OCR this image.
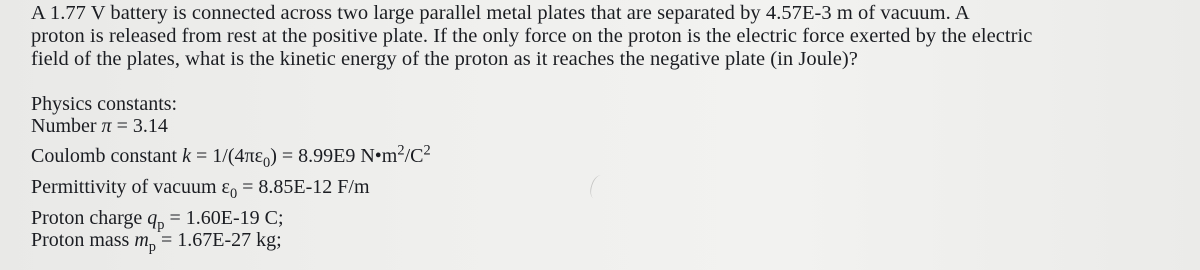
A 1.77 V battery is connected across two large parallel metal plates that are separated by 4.57E-3 m of vacuum. A
proton is released from rest at the positive plate. If the only force on the proton is the electric force exerted by the electric
field of the plates, what is the kinetic energy of the proton as it reaches the negative plate (in Joule)?
Physics constants:
Number π = 3.14
Coulomb constant $k = 1/(4\pi\varepsilon_0) = 8.99E9$ $N•m^2/C^2$
Permittivity of vacuum $\varepsilon_0 = 8.85E-12$ F/m
Proton charge $q_p = 1.60E-19$ C;
Proton mass $m_p = 1.67E-27$ kg;
